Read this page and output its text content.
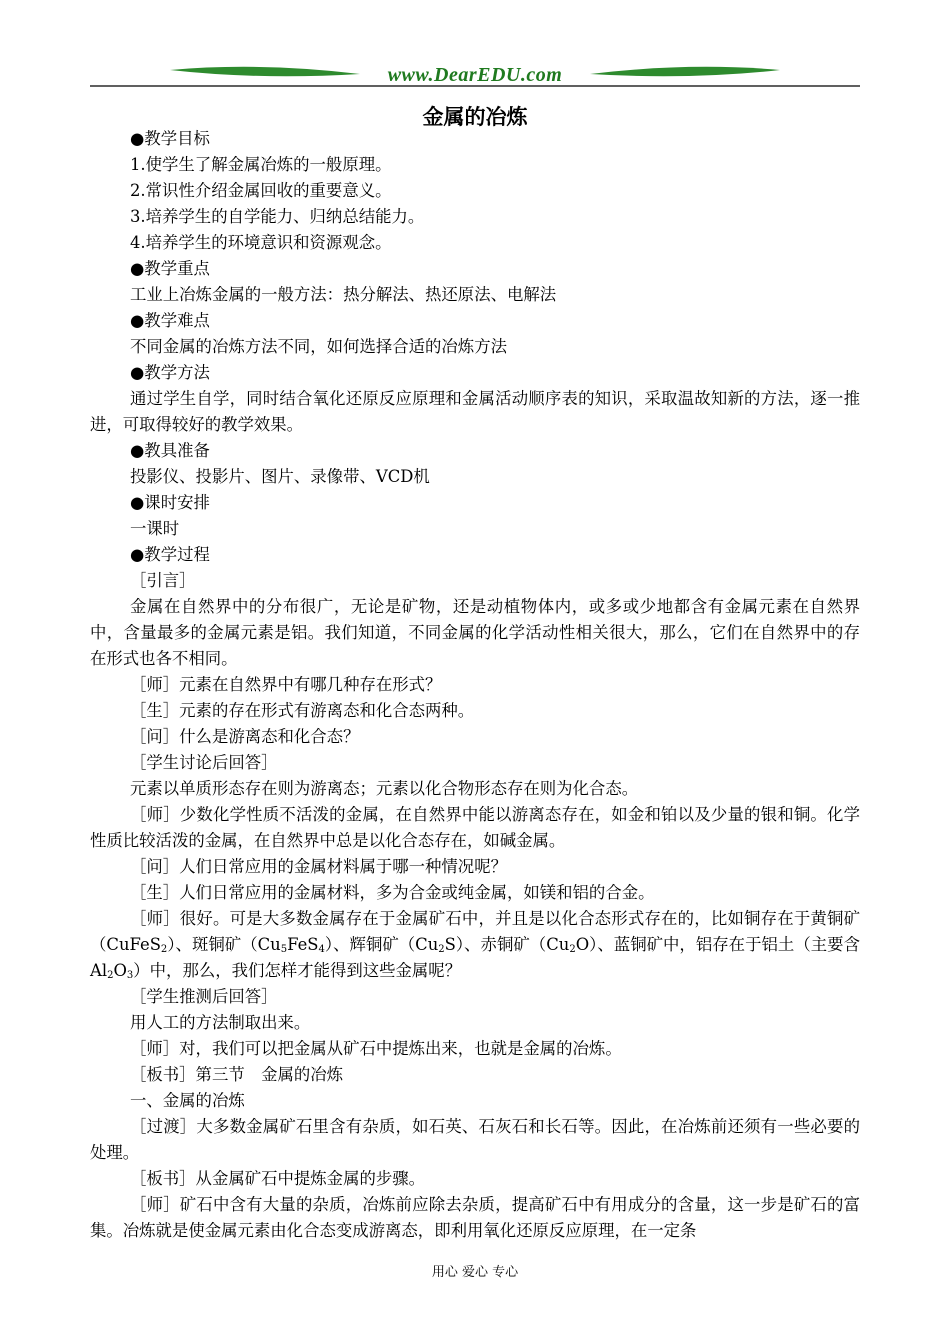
www.DearEDU.com
金属的冶炼

●教学目标

1.使学生了解金属冶炼的一般原理。

2.常识性介绍金属回收的重要意义。

3.培养学生的自学能力、归纳总结能力。

4.培养学生的环境意识和资源观念。

●教学重点

工业上冶炼金属的一般方法：热分解法、热还原法、电解法

●教学难点

不同金属的冶炼方法不同，如何选择合适的冶炼方法

●教学方法

通过学生自学，同时结合氧化还原反应原理和金属活动顺序表的知识，采取温故知新的方法，逐一推进，可取得较好的教学效果。

●教具准备

投影仪、投影片、图片、录像带、VCD机

●课时安排

一课时

●教学过程

［引言］

金属在自然界中的分布很广，无论是矿物，还是动植物体内，或多或少地都含有金属元素在自然界中，含量最多的金属元素是铝。我们知道，不同金属的化学活动性相关很大，那么，它们在自然界中的存在形式也各不相同。

［师］元素在自然界中有哪几种存在形式？

［生］元素的存在形式有游离态和化合态两种。

［问］什么是游离态和化合态？

［学生讨论后回答］

元素以单质形态存在则为游离态；元素以化合物形态存在则为化合态。

［师］少数化学性质不活泼的金属，在自然界中能以游离态存在，如金和铂以及少量的银和铜。化学性质比较活泼的金属，在自然界中总是以化合态存在，如碱金属。

［问］人们日常应用的金属材料属于哪一种情况呢？

［生］人们日常应用的金属材料，多为合金或纯金属，如镁和铝的合金。

［师］很好。可是大多数金属存在于金属矿石中，并且是以化合态形式存在的，比如铜存在于黄铜矿（CuFeS$_2$）、斑铜矿$(Cu_5FeS_4)$、辉铜矿$(Cu_2S)$、赤铜矿$(Cu_2O)$、蓝铜矿中，铝存在于铝土（主要含$Al_2O_3$）中，那么，我们怎样才能得到这些金属呢？

［学生推测后回答］

用人工的方法制取出来。

［师］对，我们可以把金属从矿石中提炼出来，也就是金属的冶炼。

［板书］第三节　金属的冶炼

一、金属的冶炼

［过渡］大多数金属矿石里含有杂质，如石英、石灰石和长石等。因此，在冶炼前还须有一些必要的处理。

［板书］从金属矿石中提炼金属的步骤。

［师］矿石中含有大量的杂质，冶炼前应除去杂质，提高矿石中有用成分的含量，这一步是矿石的富集。冶炼就是使金属元素由化合态变成游离态，即利用氧化还原反应原理，在一定条

用心 爱心 专心
